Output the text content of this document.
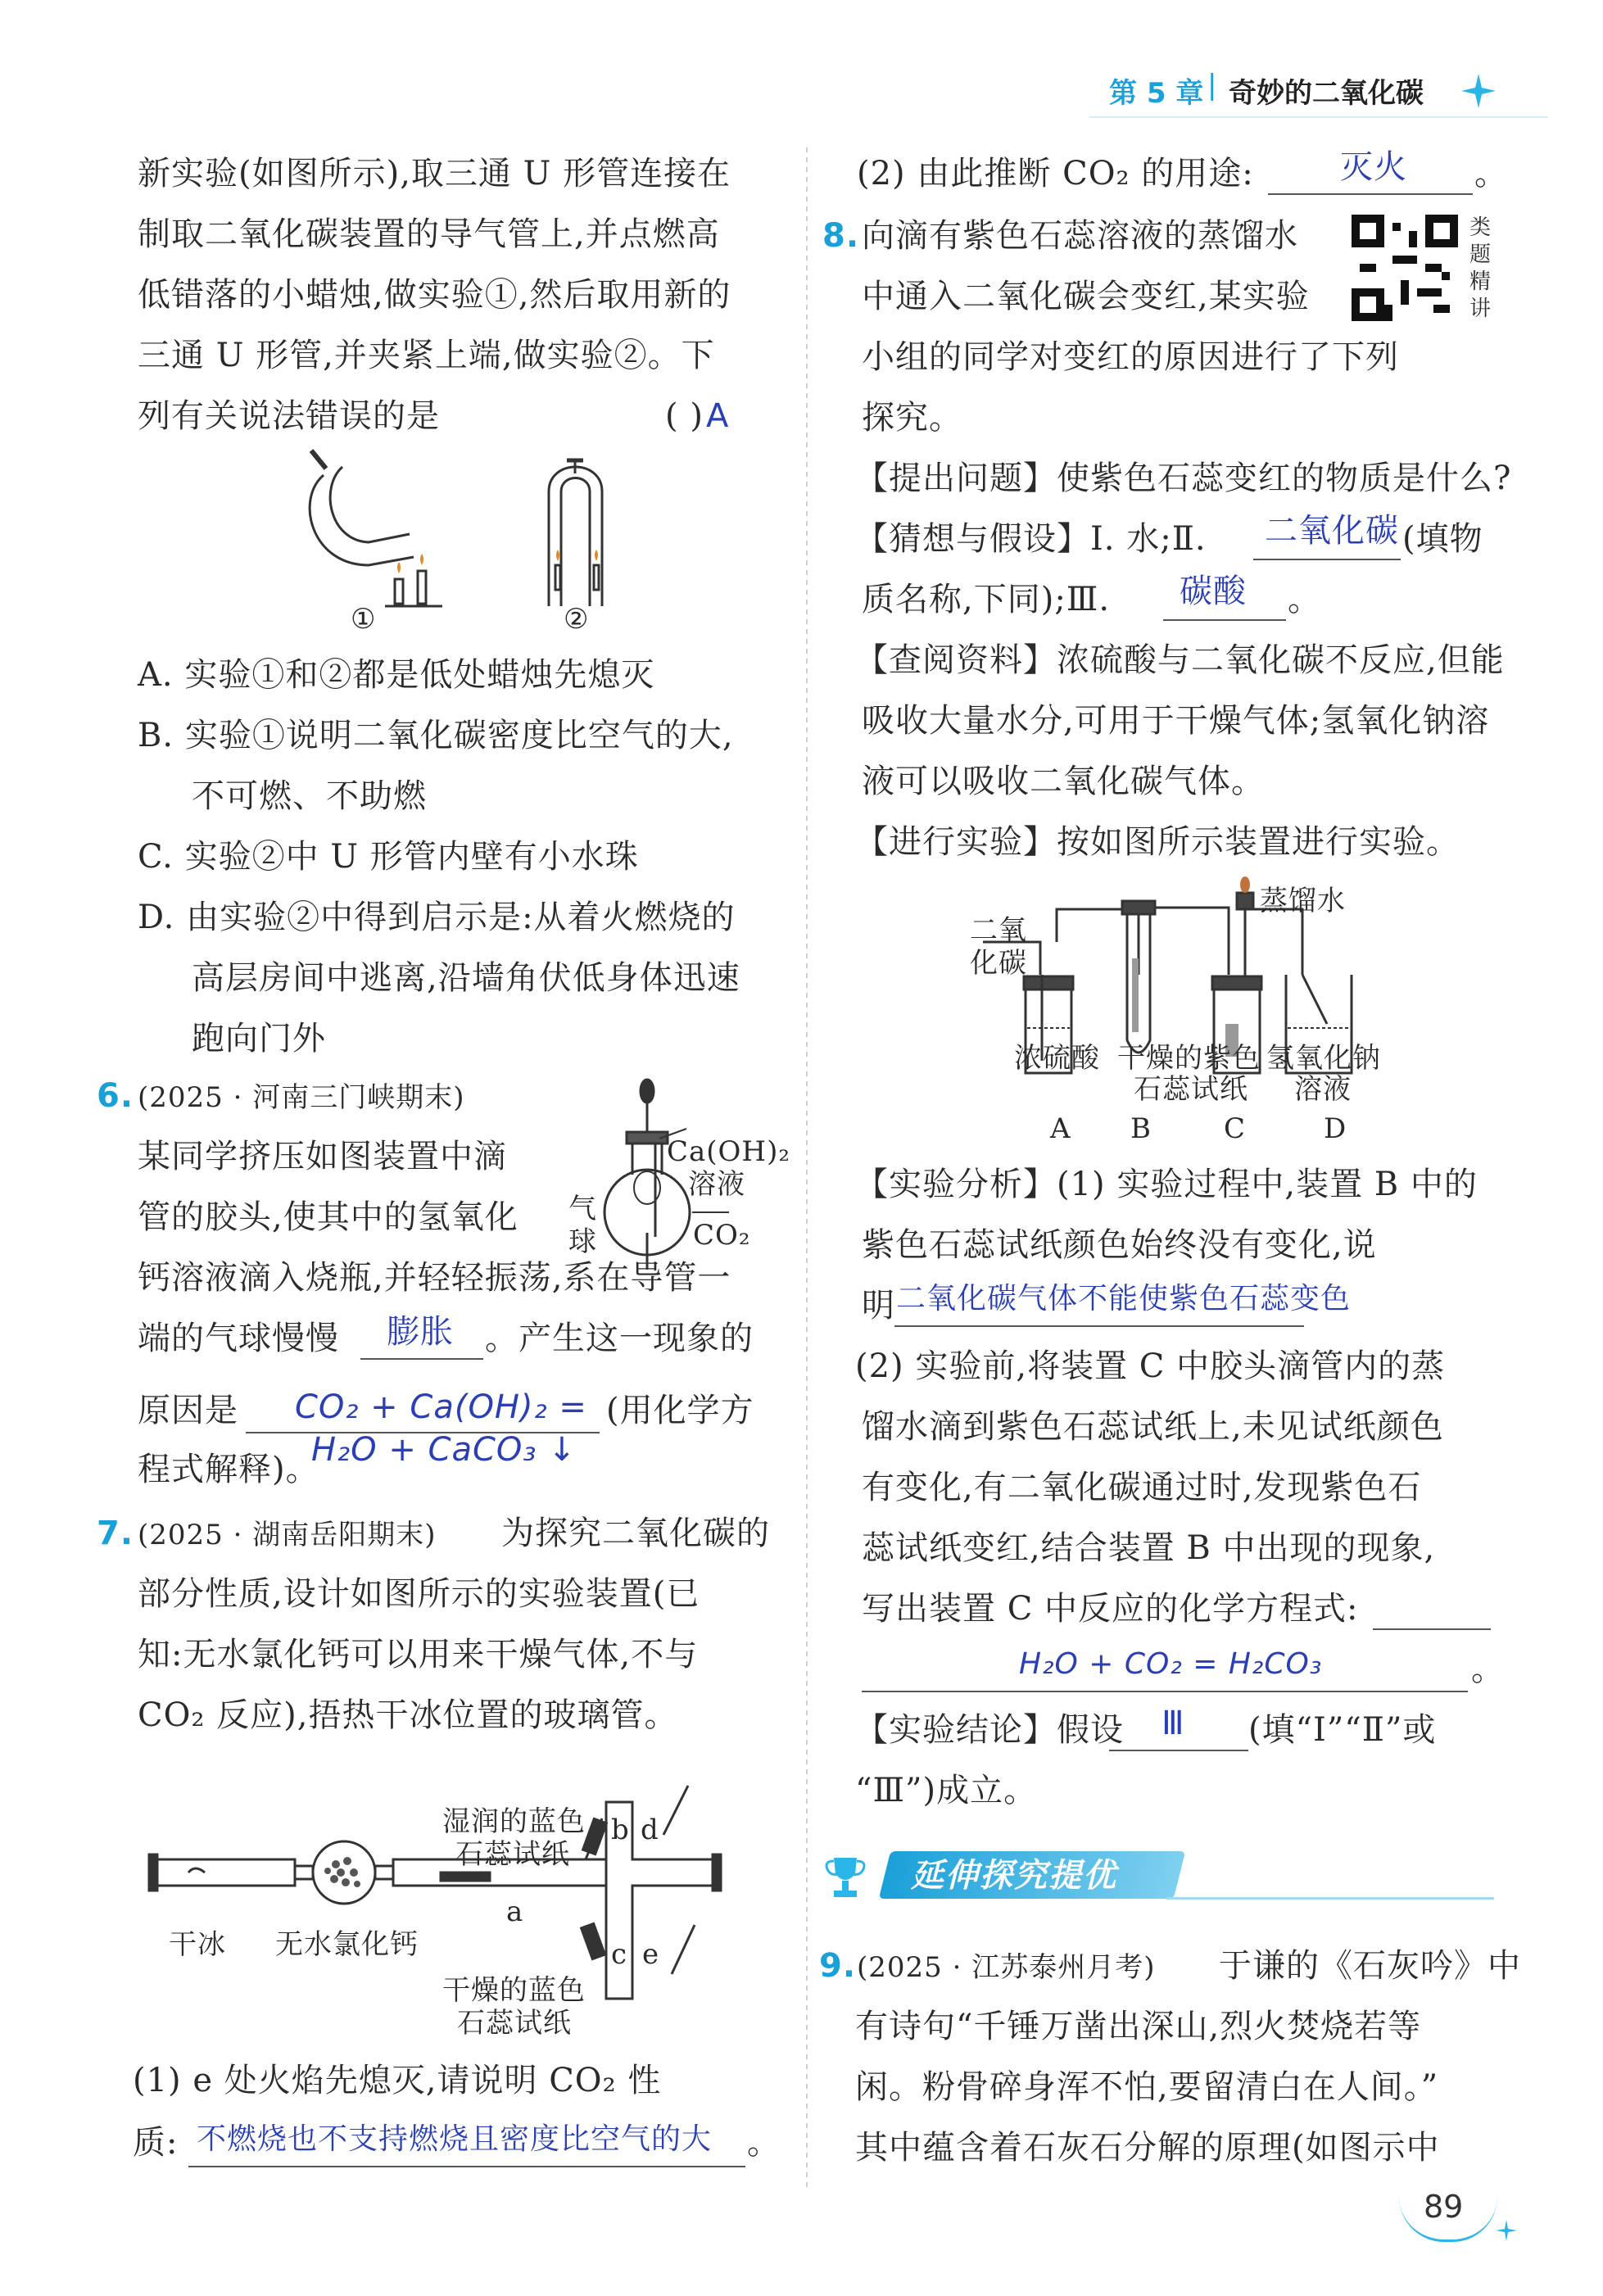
第 5 章 | 奇妙的二氧化碳
新实验(如图所示),取三通 U 形管连接在
制取二氧化碳装置的导气管上,并点燃高
低错落的小蜡烛,做实验①,然后取用新的
三通 U 形管,并夹紧上端,做实验②。下
列有关说法错误的是	( ) A
①	②
A. 实验①和②都是低处蜡烛先熄灭
B. 实验①说明二氧化碳密度比空气的大,
不可燃、不助燃
C. 实验②中 U 形管内壁有小水珠
D. 由实验②中得到启示是:从着火燃烧的
高层房间中逃离,沿墙角伏低身体迅速
跑向门外
6. (2025 · 河南三门峡期末)
某同学挤压如图装置中滴
管的胶头,使其中的氢氧化
钙溶液滴入烧瓶,并轻轻振荡,系在导管一
端的气球慢慢 膨胀 。产生这一现象的
原因是 CO₂ + Ca(OH)₂ = (用化学方
程式解释)。
H₂O + CaCO₃ ↓
Ca(OH)₂
溶液
CO₂
气
球
7. (2025 · 湖南岳阳期末) 为探究二氧化碳的
部分性质,设计如图所示的实验装置(已
知:无水氯化钙可以用来干燥气体,不与
CO₂ 反应),捂热干冰位置的玻璃管。
湿润的蓝色
石蕊试纸
b d
a
c e
干冰 无水氯化钙
干燥的蓝色
石蕊试纸
(1) e 处火焰先熄灭,请说明 CO₂ 性
质: 不燃烧也不支持燃烧且密度比空气的大 。
(2) 由此推断 CO₂ 的用途:	灭火 。
8. 向滴有紫色石蕊溶液的蒸馏水
中通入二氧化碳会变红,某实验
小组的同学对变红的原因进行了下列
探究。
类
题
精
讲
【提出问题】使紫色石蕊变红的物质是什么?
【猜想与假设】Ⅰ. 水;Ⅱ. 二氧化碳 (填物
质名称,下同);Ⅲ. 碳酸 。
【查阅资料】浓硫酸与二氧化碳不反应,但能
吸收大量水分,可用于干燥气体;氢氧化钠溶
液可以吸收二氧化碳气体。
【进行实验】按如图所示装置进行实验。
二氧
化碳
蒸馏水
浓硫酸 干燥的紫色
石蕊试纸
氢氧化钠
溶液
A B	C	D
【实验分析】(1) 实验过程中,装置 B 中的
紫色石蕊试纸颜色始终没有变化,说
明 二氧化碳气体不能使紫色石蕊变色
(2) 实验前,将装置 C 中胶头滴管内的蒸
馏水滴到紫色石蕊试纸上,未见试纸颜色
有变化,有二氧化碳通过时,发现紫色石
蕊试纸变红,结合装置 B 中出现的现象,
写出装置 C 中反应的化学方程式:
H₂O + CO₂ = H₂CO₃	。
【实验结论】假设 Ⅲ (填“Ⅰ”“Ⅱ”或
“Ⅲ”)成立。
延伸探究提优
9. (2025 · 江苏泰州月考) 于谦的《石灰吟》中
有诗句“千锤万凿出深山,烈火焚烧若等
闲。粉骨碎身浑不怕,要留清白在人间。”
其中蕴含着石灰石分解的原理(如图示中
89
